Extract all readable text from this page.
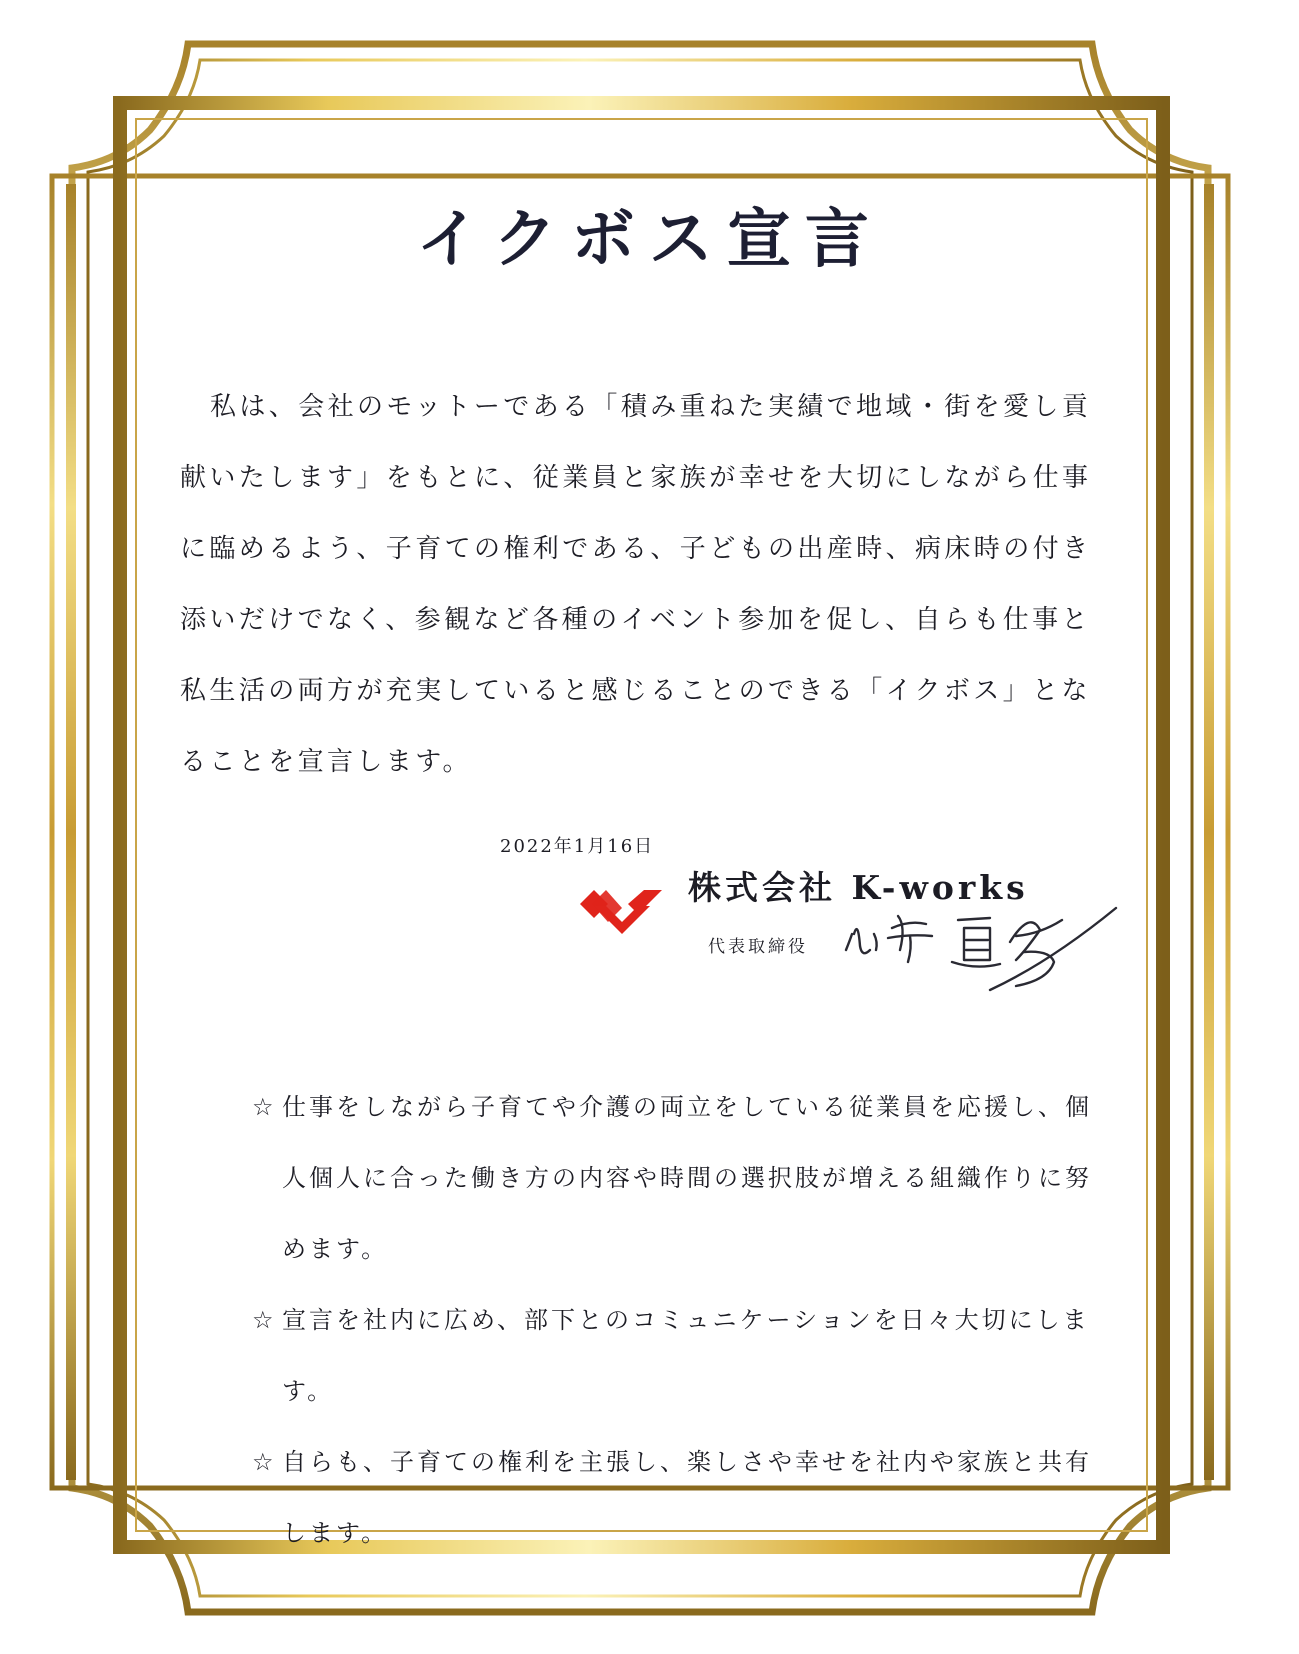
イクボス宣言
私は、会社のモットーである「積み重ねた実績で地域・街を愛し貢献いたします」をもとに、従業員と家族が幸せを大切にしながら仕事に臨めるよう、子育ての権利である、子どもの出産時、病床時の付き添いだけでなく、参観など各種のイベント参加を促し、自らも仕事と私生活の両方が充実していると感じることのできる「イクボス」となることを宣言します。
2022年1月16日
株式会社 K-works
代表取締役
☆ 仕事をしながら子育てや介護の両立をしている従業員を応援し、個人個人に合った働き方の内容や時間の選択肢が増える組織作りに努めます。
☆ 宣言を社内に広め、部下とのコミュニケーションを日々大切にします。
☆ 自らも、子育ての権利を主張し、楽しさや幸せを社内や家族と共有します。
